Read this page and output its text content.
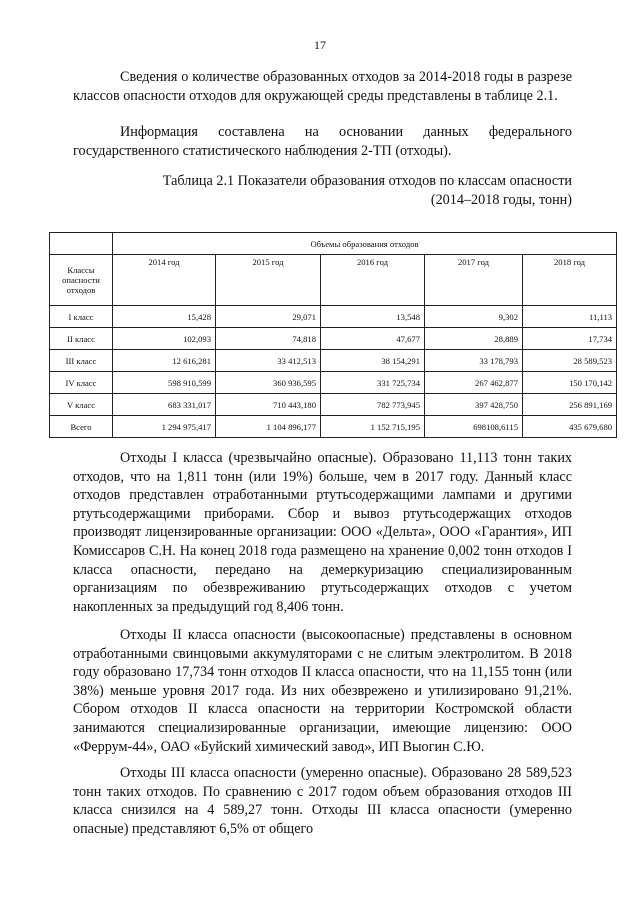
17

Сведения о количестве образованных отходов за 2014-2018 годы в разрезе классов опасности отходов для окружающей среды представлены в таблице 2.1.

Информация составлена на основании данных федерального государственного статистического наблюдения 2-ТП (отходы).

Таблица 2.1 Показатели образования отходов по классам опасности
(2014–2018 годы, тонн)
	Объемы образования отходов				
Классы опасности отходов	2014 год	2015 год	2016 год	2017 год	2018 год
I класс	15,428	29,071	13,548	9,302	11,113
II класс	102,093	74,818	47,677	28,889	17,734
III класс	12 616,281	33 412,513	38 154,291	33 178,793	28 589,523
IV класс	598 910,599	360 936,595	331 725,734	267 462,877	150 170,142
V класс	683 331,017	710 443,180	782 773,945	397 428,750	256 891,169
Всего	1 294 975,417	1 104 896,177	1 152 715,195	698108,6115	435 679,680

Отходы I класса (чрезвычайно опасные). Образовано 11,113 тонн таких отходов, что на 1,811 тонн (или 19%) больше, чем в 2017 году. Данный класс отходов представлен отработанными ртутьсодержащими лампами и другими ртутьсодержащими приборами. Сбор и вывоз ртутьсодержащих отходов производят лицензированные организации: ООО «Дельта», ООО «Гарантия», ИП Комиссаров С.Н. На конец 2018 года размещено на хранение 0,002 тонн отходов I класса опасности, передано на демеркуризацию специализированным организациям по обезвреживанию ртутьсодержащих отходов с учетом накопленных за предыдущий год 8,406 тонн.

Отходы II класса опасности (высокоопасные) представлены в основном отработанными свинцовыми аккумуляторами с не слитым электролитом. В 2018 году образовано 17,734 тонн отходов II класса опасности, что на 11,155 тонн (или 38%) меньше уровня 2017 года. Из них обезврежено и утилизировано 91,21%. Сбором отходов II класса опасности на территории Костромской области занимаются специализированные организации, имеющие лицензию: ООО «Феррум-44», ОАО «Буйский химический завод», ИП Выогин С.Ю.

Отходы III класса опасности (умеренно опасные). Образовано 28 589,523 тонн таких отходов. По сравнению с 2017 годом объем образования отходов III класса снизился на 4 589,27 тонн. Отходы III класса опасности (умеренно опасные) представляют 6,5% от общего
